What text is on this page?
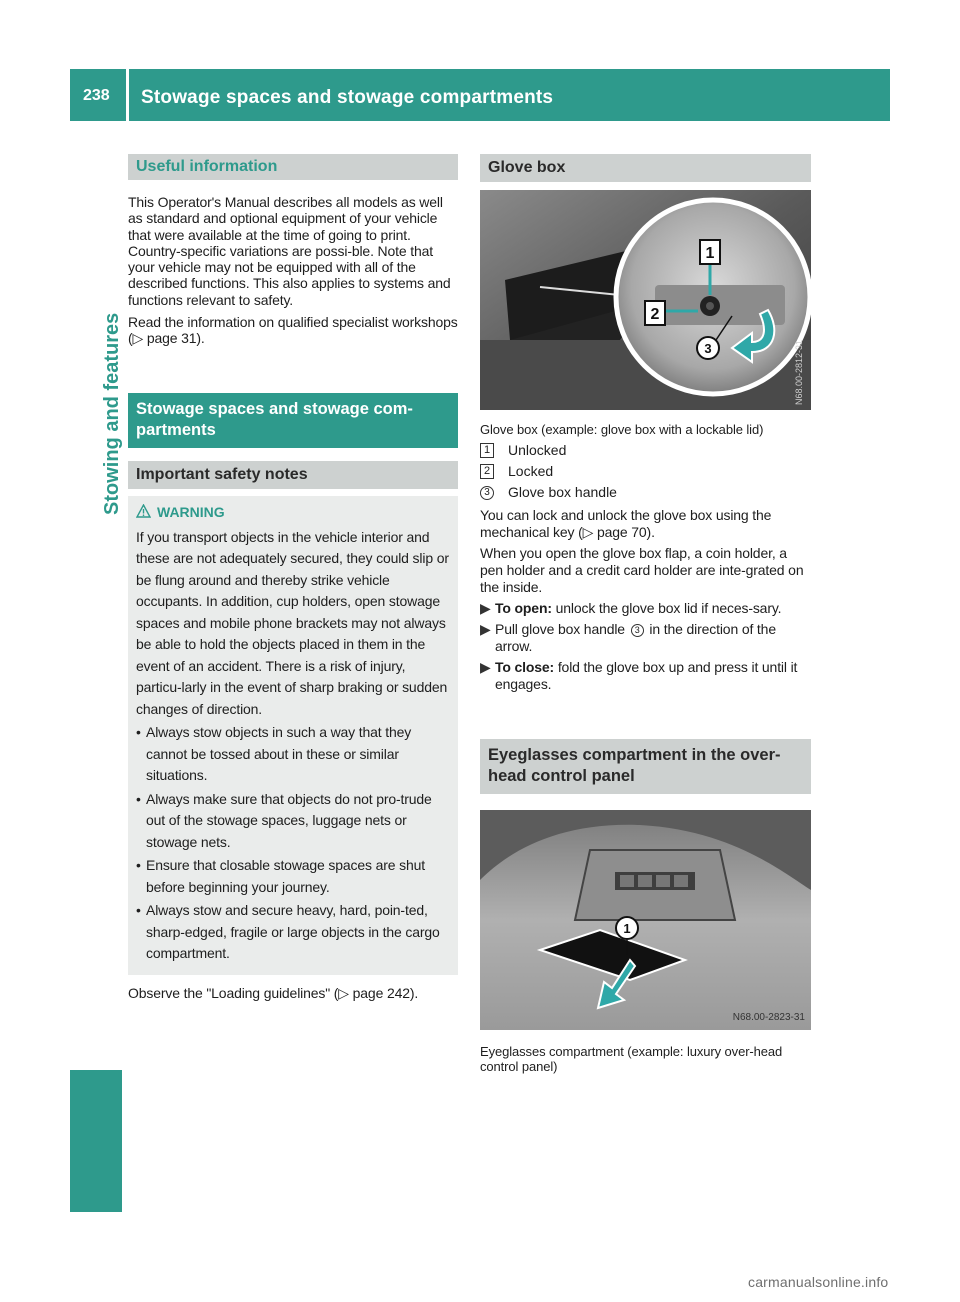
238	Stowage spaces and stowage compartments
Stowing and features
Useful information

This Operator's Manual describes all models as well as standard and optional equipment of your vehicle that were available at the time of going to print. Country-specific variations are possi-ble. Note that your vehicle may not be equipped with all of the described functions. This also applies to systems and functions relevant to safety.

Read the information on qualified specialist workshops (▷ page 31).

Stowage spaces and stowage com-partments
Important safety notes
WARNING
If you transport objects in the vehicle interior and these are not adequately secured, they could slip or be flung around and thereby strike vehicle occupants. In addition, cup holders, open stowage spaces and mobile phone brackets may not always be able to hold the objects placed in them in the event of an accident. There is a risk of injury, particu-larly in the event of sharp braking or sudden changes of direction.
• Always stow objects in such a way that they cannot be tossed about in these or similar situations.
• Always make sure that objects do not pro-trude out of the stowage spaces, luggage nets or stowage nets.
• Ensure that closable stowage spaces are shut before beginning your journey.
• Always stow and secure heavy, hard, poin-ted, sharp-edged, fragile or large objects in the cargo compartment.

Observe the "Loading guidelines" (▷ page 242).

Glove box
1
2
3	N68.00-2812-31
Glove box (example: glove box with a lockable lid)
1 Unlocked
2 Locked
3	Glove box handle

You can lock and unlock the glove box using the mechanical key (▷ page 70).

When you open the glove box flap, a coin holder, a pen holder and a credit card holder are inte-grated on the inside.

▶ To open: unlock the glove box lid if neces-sary.
▶ Pull glove box handle 3 in the direction of the arrow.
▶ To close: fold the glove box up and press it until it engages.
Eyeglasses compartment in the over-head control panel
1
N68.00-2823-31
Eyeglasses compartment (example: luxury over-head control panel)
carmanualsonline.info
